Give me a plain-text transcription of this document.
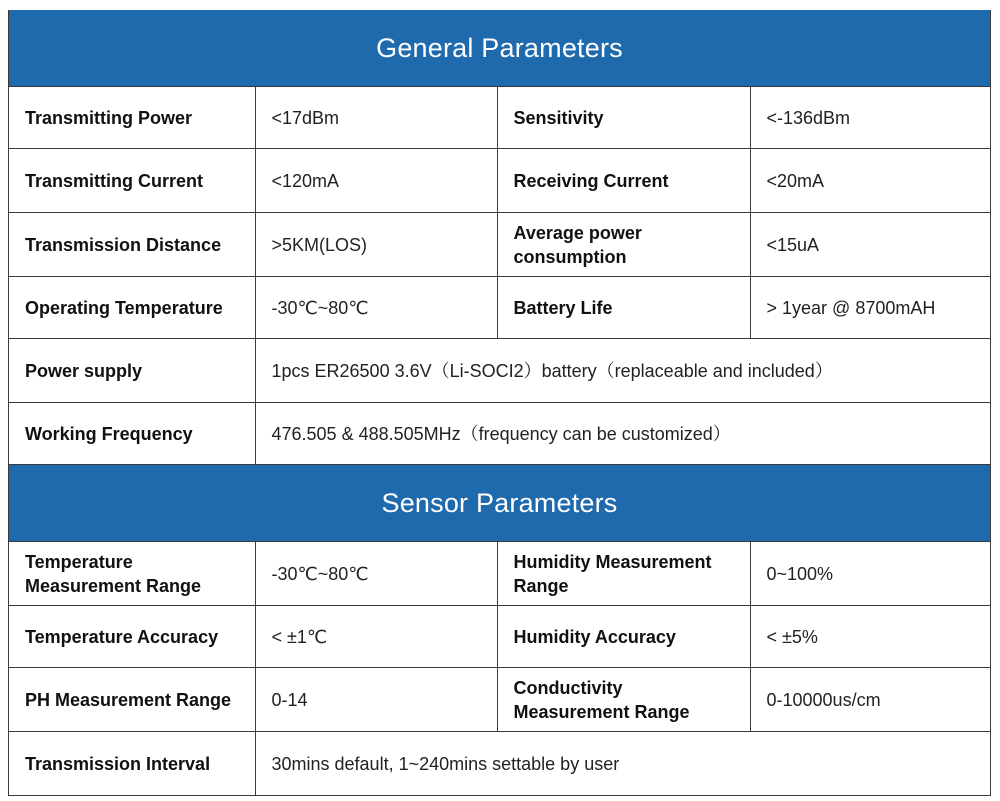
General Parameters
Transmitting Power	<17dBm	Sensitivity	<-136dBm
Transmitting Current	<120mA	Receiving Current	<20mA
Transmission Distance	>5KM(LOS)	Average power consumption	<15uA
Operating Temperature	-30℃~80℃	Battery Life	> 1year @ 8700mAH
Power supply	1pcs ER26500 3.6V（Li-SOCI2）battery（replaceable and included）		
Working Frequency	476.505 & 488.505MHz（frequency can be customized）		
Sensor Parameters
Temperature Measurement Range	-30℃~80℃	Humidity Measurement Range	0~100%
Temperature Accuracy	< ±1℃	Humidity Accuracy	< ±5%
PH Measurement Range	0-14	Conductivity Measurement Range	0-10000us/cm
Transmission Interval	30mins default, 1~240mins settable by user		
